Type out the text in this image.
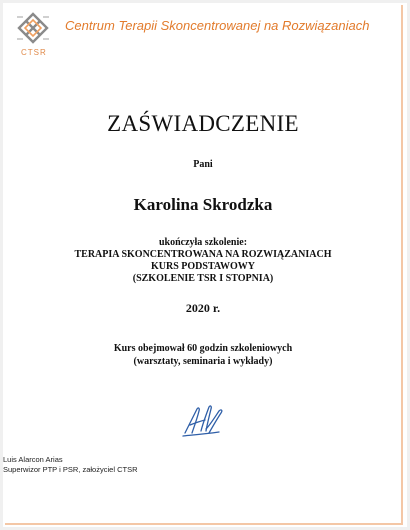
CTSR
Centrum Terapii Skoncentrowanej na Rozwiązaniach
ZAŚWIADCZENIE
Pani
Karolina Skrodzka
ukończyła szkolenie:
TERAPIA SKONCENTROWANA NA ROZWIĄZANIACH
KURS PODSTAWOWY
(SZKOLENIE TSR I STOPNIA)
2020 r.
Kurs obejmował 60 godzin szkoleniowych
(warsztaty, seminaria i wykłady)
Luis Alarcon Arias
Superwizor PTP i PSR, założyciel CTSR
